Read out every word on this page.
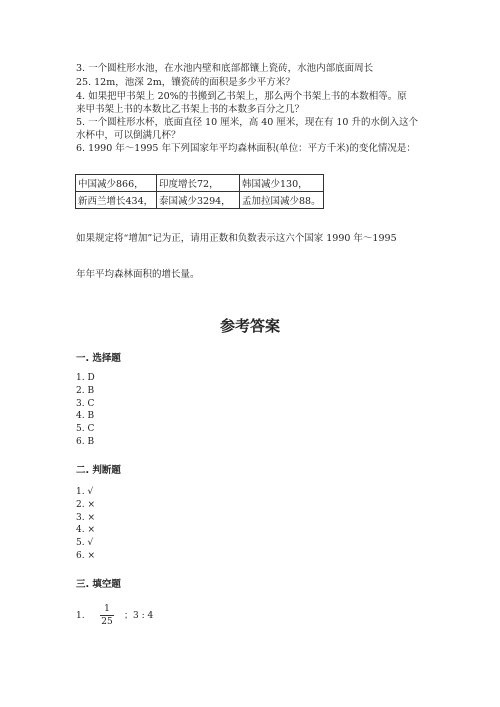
3. 一个圆柱形水池，在水池内壁和底部都镶上瓷砖，水池内部底面周长
25. 12m，池深 2m，镶瓷砖的面积是多少平方米？
4. 如果把甲书架上 20%的书搬到乙书架上，那么两个书架上书的本数相等。原
来甲书架上书的本数比乙书架上书的本数多百分之几？
5. 一个圆柱形水杯，底面直径 10 厘米，高 40 厘米，现在有 10 升的水倒入这个
水杯中，可以倒满几杯？
6. 1990 年～1995 年下列国家年平均森林面积(单位：平方千米)的变化情况是：
中国减少866，	印度增长72，	韩国减少130，
新西兰增长434，	泰国减少3294，	孟加拉国减少88。
如果规定将“增加”记为正，请用正数和负数表示这六个国家 1990 年～1995
年年平均森林面积的增长量。
参考答案
一. 选择题
1. D
2. B
3. C
4. B
5. C
6. B
二. 判断题
1. √
2. ×
3. ×
4. ×
5. √
6. ×
三. 填空题
1.
1
25
；3 : 4
